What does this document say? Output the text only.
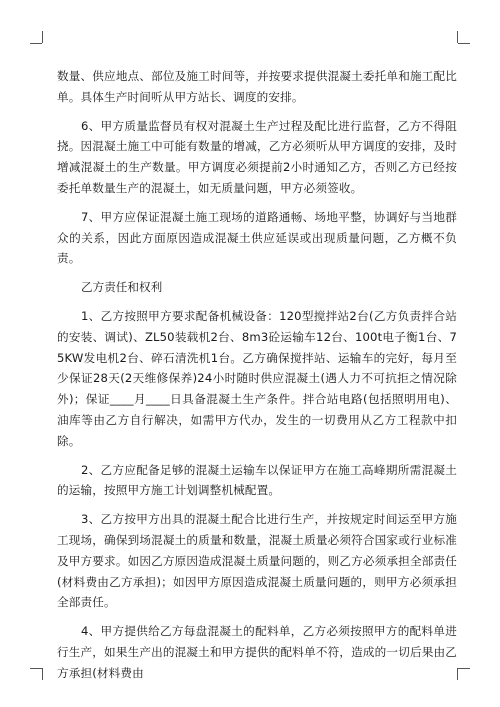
数量、供应地点、部位及施工时间等，并按要求提供混凝土委托单和施工配比单。具体生产时间听从甲方站长、调度的安排。

6、甲方质量监督员有权对混凝土生产过程及配比进行监督，乙方不得阻挠。因混凝土施工中可能有数量的增减，乙方必须听从甲方调度的安排，及时增减混凝土的生产数量。甲方调度必须提前2小时通知乙方，否则乙方已经按委托单数量生产的混凝土，如无质量问题，甲方必须签收。

7、甲方应保证混凝土施工现场的道路通畅、场地平整，协调好与当地群众的关系，因此方面原因造成混凝土供应延误或出现质量问题，乙方概不负责。

乙方责任和权利

1、乙方按照甲方要求配备机械设备：120型搅拌站2台(乙方负责拌合站的安装、调试)、ZL50装载机2台、8m3砼运输车12台、100t电子衡1台、75KW发电机2台、碎石清洗机1台。乙方确保搅拌站、运输车的完好，每月至少保证28天(2天维修保养)24小时随时供应混凝土(遇人力不可抗拒之情况除外)；保证____月____日具备混凝土生产条件。拌合站电路(包括照明用电)、油库等由乙方自行解决，如需甲方代办，发生的一切费用从乙方工程款中扣除。

2、乙方应配备足够的混凝土运输车以保证甲方在施工高峰期所需混凝土的运输，按照甲方施工计划调整机械配置。

3、乙方按甲方出具的混凝土配合比进行生产，并按规定时间运至甲方施工现场，确保到场混凝土的质量和数量，混凝土质量必须符合国家或行业标准及甲方要求。如因乙方原因造成混凝土质量问题的，则乙方必须承担全部责任(材料费由乙方承担)；如因甲方原因造成混凝土质量问题的，则甲方必须承担全部责任。

4、甲方提供给乙方每盘混凝土的配料单，乙方必须按照甲方的配料单进行生产，如果生产出的混凝土和甲方提供的配料单不符，造成的一切后果由乙方承担(材料费由
